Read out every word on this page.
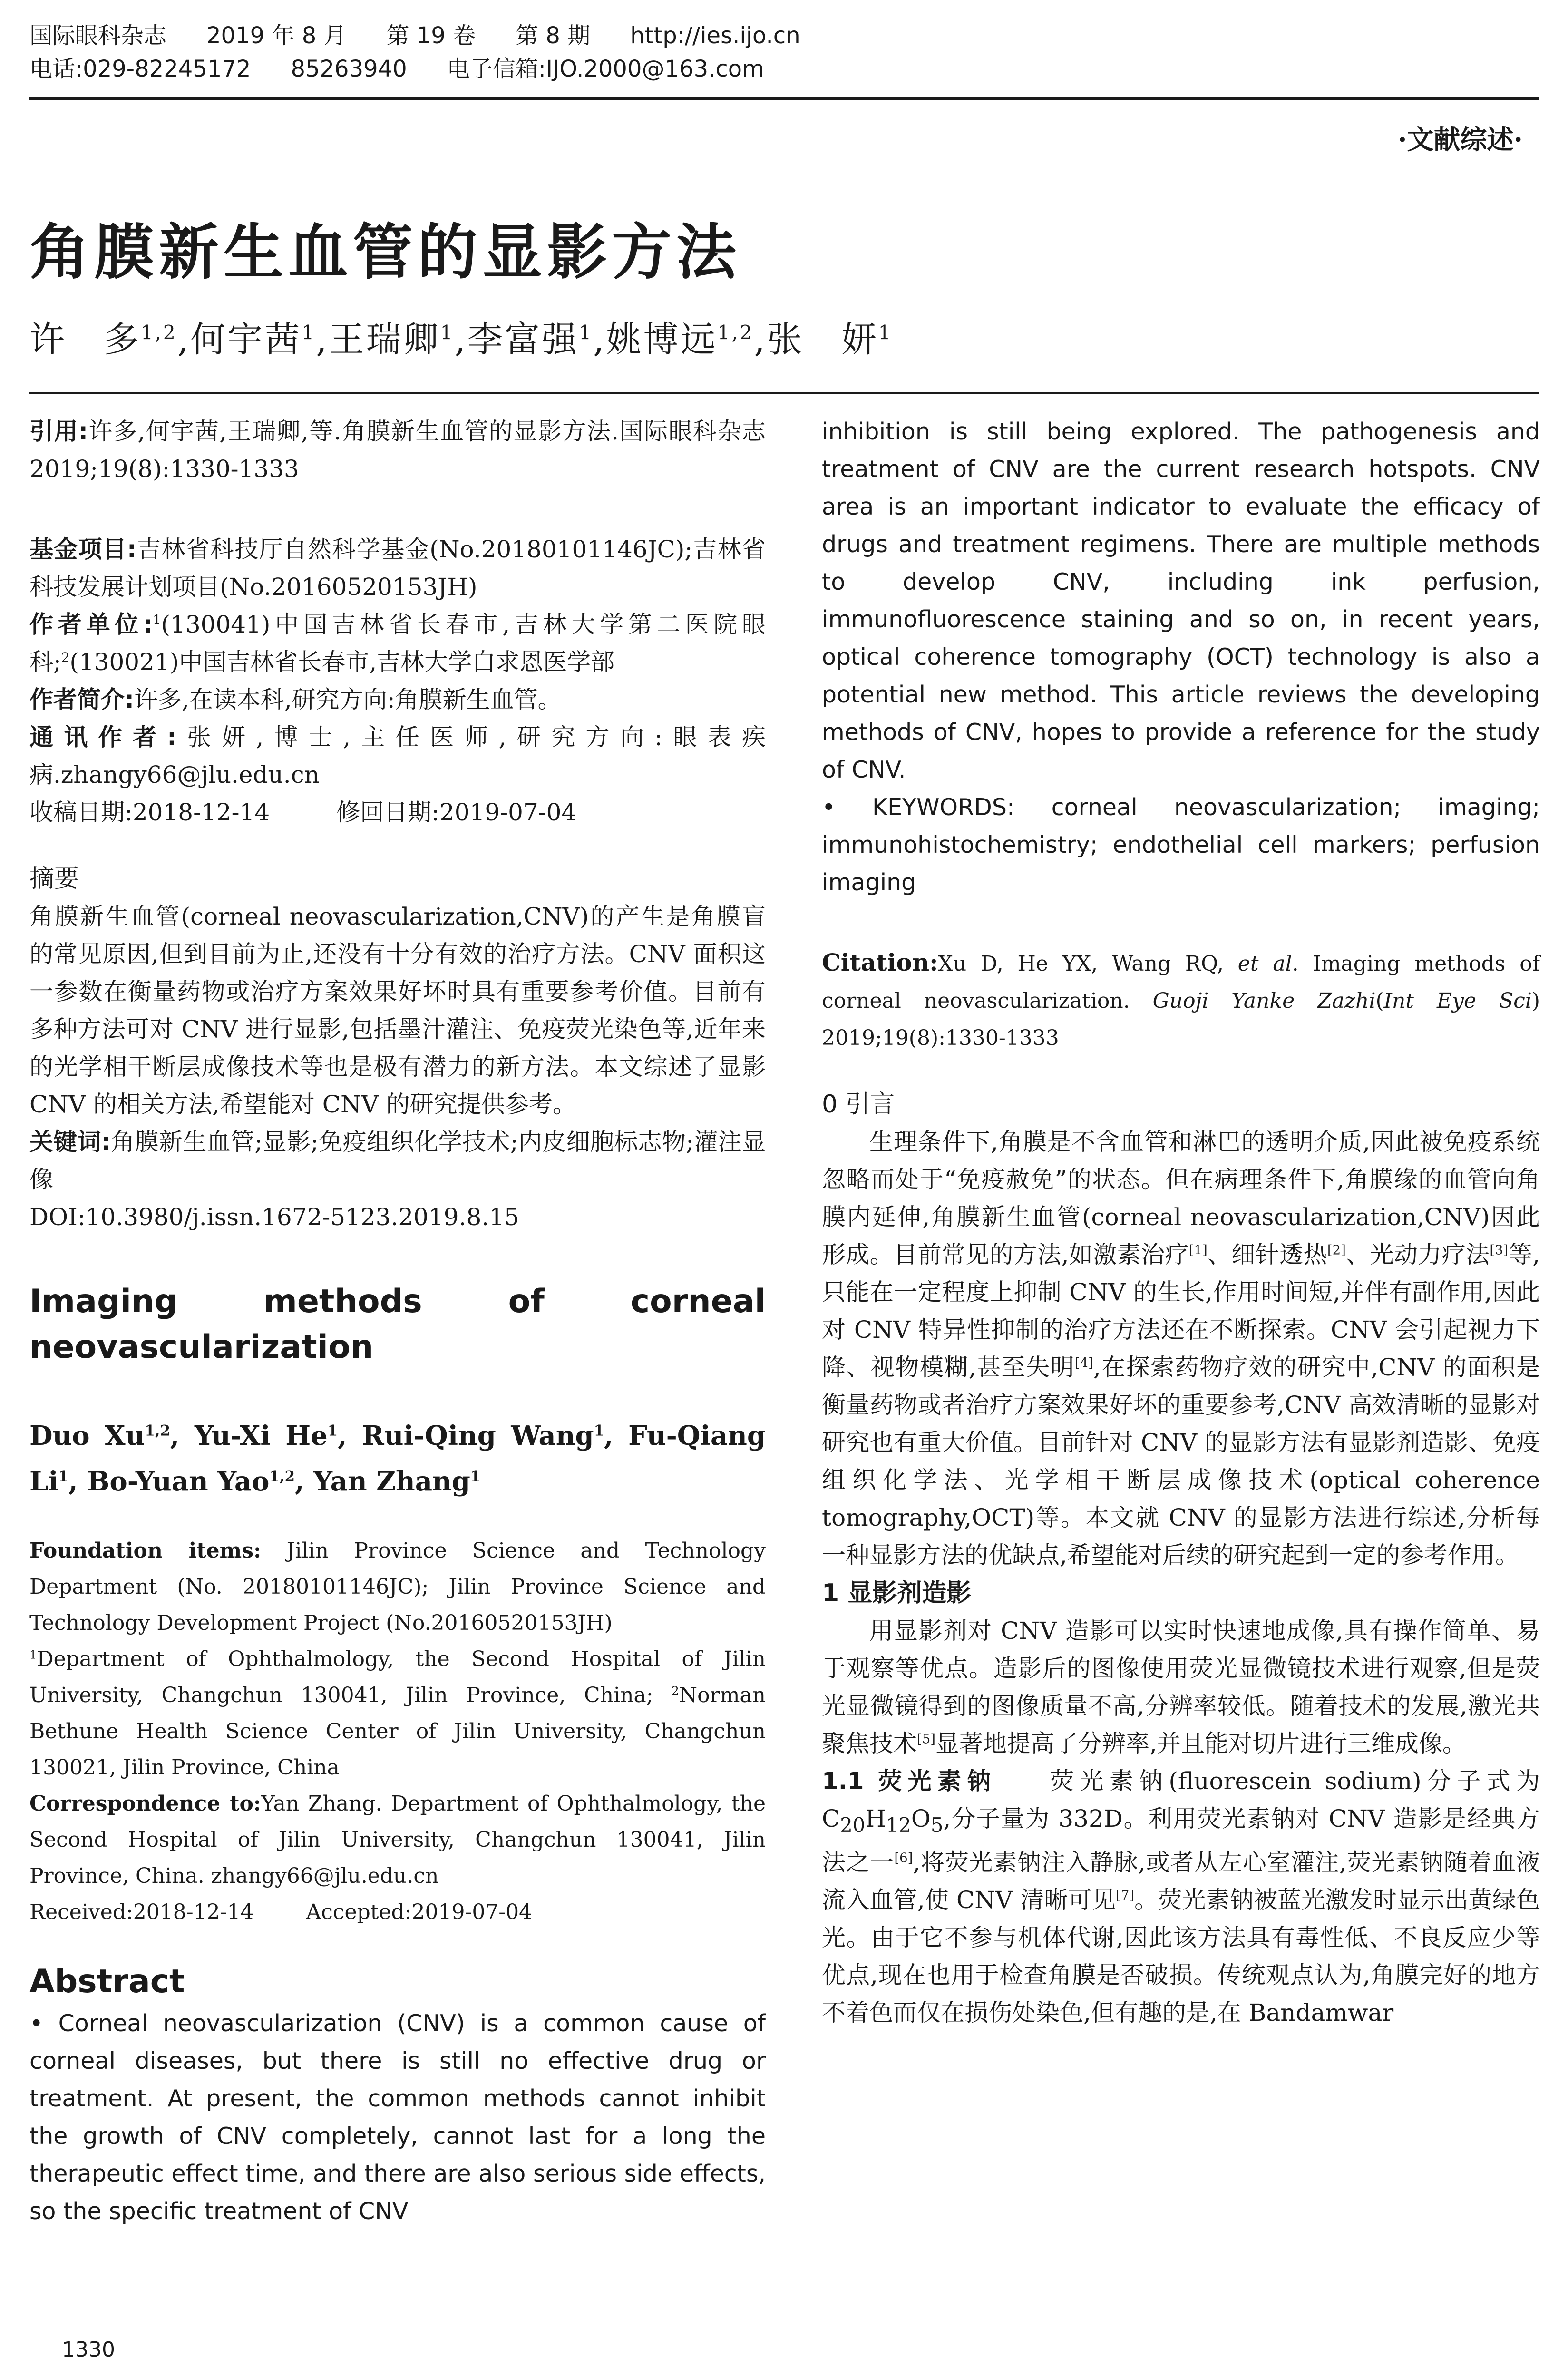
国际眼科杂志 2019 年 8 月 第 19 卷 第 8 期 http://ies.ijo.cn
电话:029-82245172 85263940 电子信箱:IJO.2000@163.com
·文献综述·
角膜新生血管的显影方法
许　多$^{1,2}$,何宇茜$^1$,王瑞卿$^1$,李富强$^1$,姚博远$^{1,2}$,张　妍$^1$

引用:许多,何宇茜,王瑞卿,等.角膜新生血管的显影方法.国际眼科杂志 2019;19(8):1330-1333

基金项目:吉林省科技厅自然科学基金(No.20180101146JC);吉林省科技发展计划项目(No.20160520153JH)

作者单位:$^1$(130041)中国吉林省长春市,吉林大学第二医院眼科;$^2$(130021)中国吉林省长春市,吉林大学白求恩医学部

作者简介:许多,在读本科,研究方向:角膜新生血管。

通讯作者:张妍,博士,主任医师,研究方向:眼表疾病.zhangy66@jlu.edu.cn

收稿日期:2018-12-14	修回日期:2019-07-04

摘要

角膜新生血管(corneal neovascularization,CNV)的产生是角膜盲的常见原因,但到目前为止,还没有十分有效的治疗方法。CNV 面积这一参数在衡量药物或治疗方案效果好坏时具有重要参考价值。目前有多种方法可对 CNV 进行显影,包括墨汁灌注、免疫荧光染色等,近年来的光学相干断层成像技术等也是极有潜力的新方法。本文综述了显影 CNV 的相关方法,希望能对 CNV 的研究提供参考。

关键词:角膜新生血管;显影;免疫组织化学技术;内皮细胞标志物;灌注显像

DOI:10.3980/j.issn.1672-5123.2019.8.15

Imaging methods of corneal neovascularization

Duo Xu$^{1,2}$, Yu-Xi He$^1$, Rui-Qing Wang$^1$, Fu-Qiang Li$^1$, Bo-Yuan Yao$^{1,2}$, Yan Zhang$^1$

Foundation items: Jilin Province Science and Technology Department (No. 20180101146JC); Jilin Province Science and Technology Development Project (No.20160520153JH)

$^1$Department of Ophthalmology, the Second Hospital of Jilin University, Changchun 130041, Jilin Province, China; $^2$Norman Bethune Health Science Center of Jilin University, Changchun 130021, Jilin Province, China

Correspondence to:Yan Zhang. Department of Ophthalmology, the Second Hospital of Jilin University, Changchun 130041, Jilin Province, China. zhangy66@jlu.edu.cn

Received:2018-12-14	Accepted:2019-07-04

Abstract

• Corneal neovascularization (CNV) is a common cause of corneal diseases, but there is still no effective drug or treatment. At present, the common methods cannot inhibit the growth of CNV completely, cannot last for a long the therapeutic effect time, and there are also serious side effects, so the specific treatment of CNV

inhibition is still being explored. The pathogenesis and treatment of CNV are the current research hotspots. CNV area is an important indicator to evaluate the efficacy of drugs and treatment regimens. There are multiple methods to develop CNV, including ink perfusion, immunofluorescence staining and so on, in recent years, optical coherence tomography (OCT) technology is also a potential new method. This article reviews the developing methods of CNV, hopes to provide a reference for the study of CNV.

• KEYWORDS: corneal neovascularization; imaging; immunohistochemistry; endothelial cell markers; perfusion imaging

Citation:Xu D, He YX, Wang RQ, et al. Imaging methods of corneal neovascularization. Guoji Yanke Zazhi(Int Eye Sci) 2019;19(8):1330-1333

0 引言

生理条件下,角膜是不含血管和淋巴的透明介质,因此被免疫系统忽略而处于“免疫赦免”的状态。但在病理条件下,角膜缘的血管向角膜内延伸,角膜新生血管(corneal neovascularization,CNV)因此形成。目前常见的方法,如激素治疗[1]、细针透热[2]、光动力疗法[3]等,只能在一定程度上抑制 CNV 的生长,作用时间短,并伴有副作用,因此对 CNV 特异性抑制的治疗方法还在不断探索。CNV 会引起视力下降、视物模糊,甚至失明[4],在探索药物疗效的研究中,CNV 的面积是衡量药物或者治疗方案效果好坏的重要参考,CNV 高效清晰的显影对研究也有重大价值。目前针对 CNV 的显影方法有显影剂造影、免疫组织化学法、光学相干断层成像技术(optical coherence tomography,OCT)等。本文就 CNV 的显影方法进行综述,分析每一种显影方法的优缺点,希望能对后续的研究起到一定的参考作用。

1 显影剂造影

用显影剂对 CNV 造影可以实时快速地成像,具有操作简单、易于观察等优点。造影后的图像使用荧光显微镜技术进行观察,但是荧光显微镜得到的图像质量不高,分辨率较低。随着技术的发展,激光共聚焦技术[5]显著地提高了分辨率,并且能对切片进行三维成像。

1.1 荧光素钠 荧光素钠(fluorescein sodium)分子式为 $C_{20}H_{12}O_5$,分子量为 332D。利用荧光素钠对 CNV 造影是经典方法之一[6],将荧光素钠注入静脉,或者从左心室灌注,荧光素钠随着血液流入血管,使 CNV 清晰可见[7]。荧光素钠被蓝光激发时显示出黄绿色光。由于它不参与机体代谢,因此该方法具有毒性低、不良反应少等优点,现在也用于检查角膜是否破损。传统观点认为,角膜完好的地方不着色而仅在损伤处染色,但有趣的是,在 Bandamwar

1330
